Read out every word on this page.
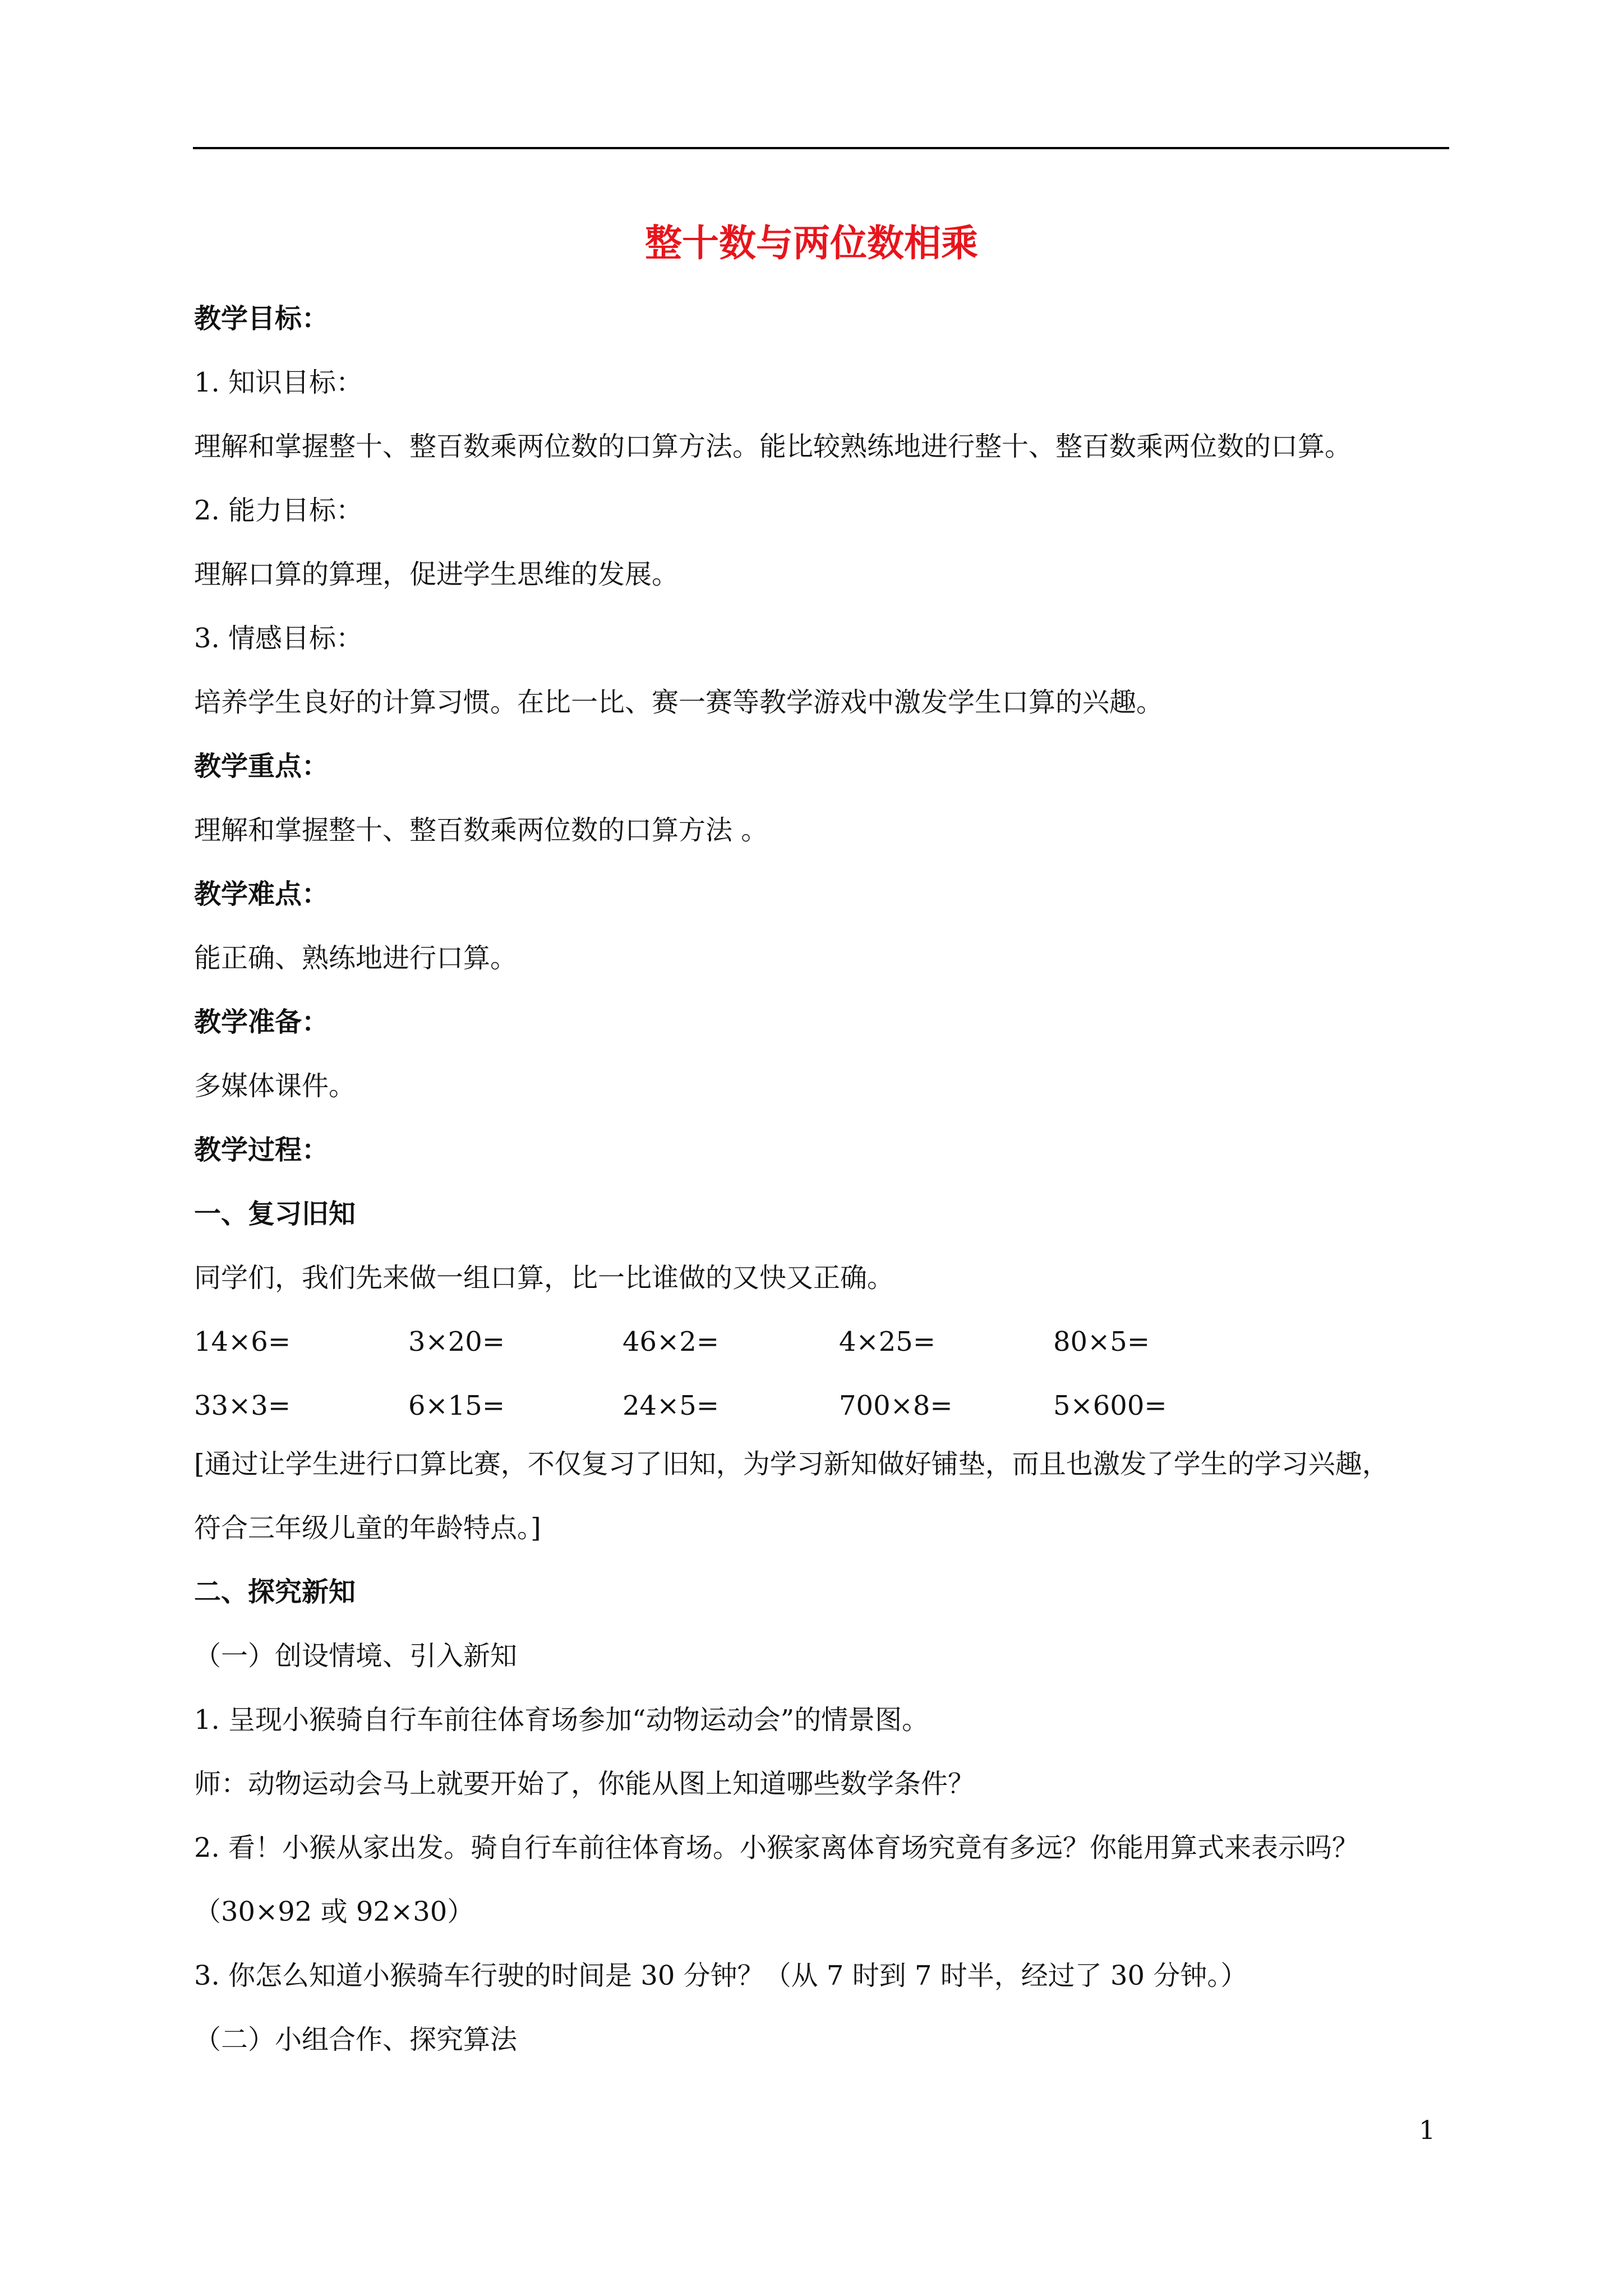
整十数与两位数相乘
教学目标：
1. 知识目标：
理解和掌握整十、整百数乘两位数的口算方法。能比较熟练地进行整十、整百数乘两位数的口算。
2. 能力目标：
理解口算的算理，促进学生思维的发展。
3. 情感目标：
培养学生良好的计算习惯。在比一比、赛一赛等教学游戏中激发学生口算的兴趣。
教学重点：
理解和掌握整十、整百数乘两位数的口算方法 。
教学难点：
能正确、熟练地进行口算。
教学准备：
多媒体课件。
教学过程：
一、复习旧知
同学们，我们先来做一组口算，比一比谁做的又快又正确。
14×6=	3×20=	46×2=	4×25=	80×5=
33×3=	6×15=	24×5=	700×8=	5×600=
[通过让学生进行口算比赛，不仅复习了旧知，为学习新知做好铺垫，而且也激发了学生的学习兴趣，
符合三年级儿童的年龄特点。]
二、探究新知
（一）创设情境、引入新知
1. 呈现小猴骑自行车前往体育场参加“动物运动会”的情景图。
师：动物运动会马上就要开始了，你能从图上知道哪些数学条件？
2. 看！小猴从家出发。骑自行车前往体育场。小猴家离体育场究竟有多远？你能用算式来表示吗？
（30×92 或 92×30）
3. 你怎么知道小猴骑车行驶的时间是 30 分钟？（从 7 时到 7 时半，经过了 30 分钟。）
（二）小组合作、探究算法
1
